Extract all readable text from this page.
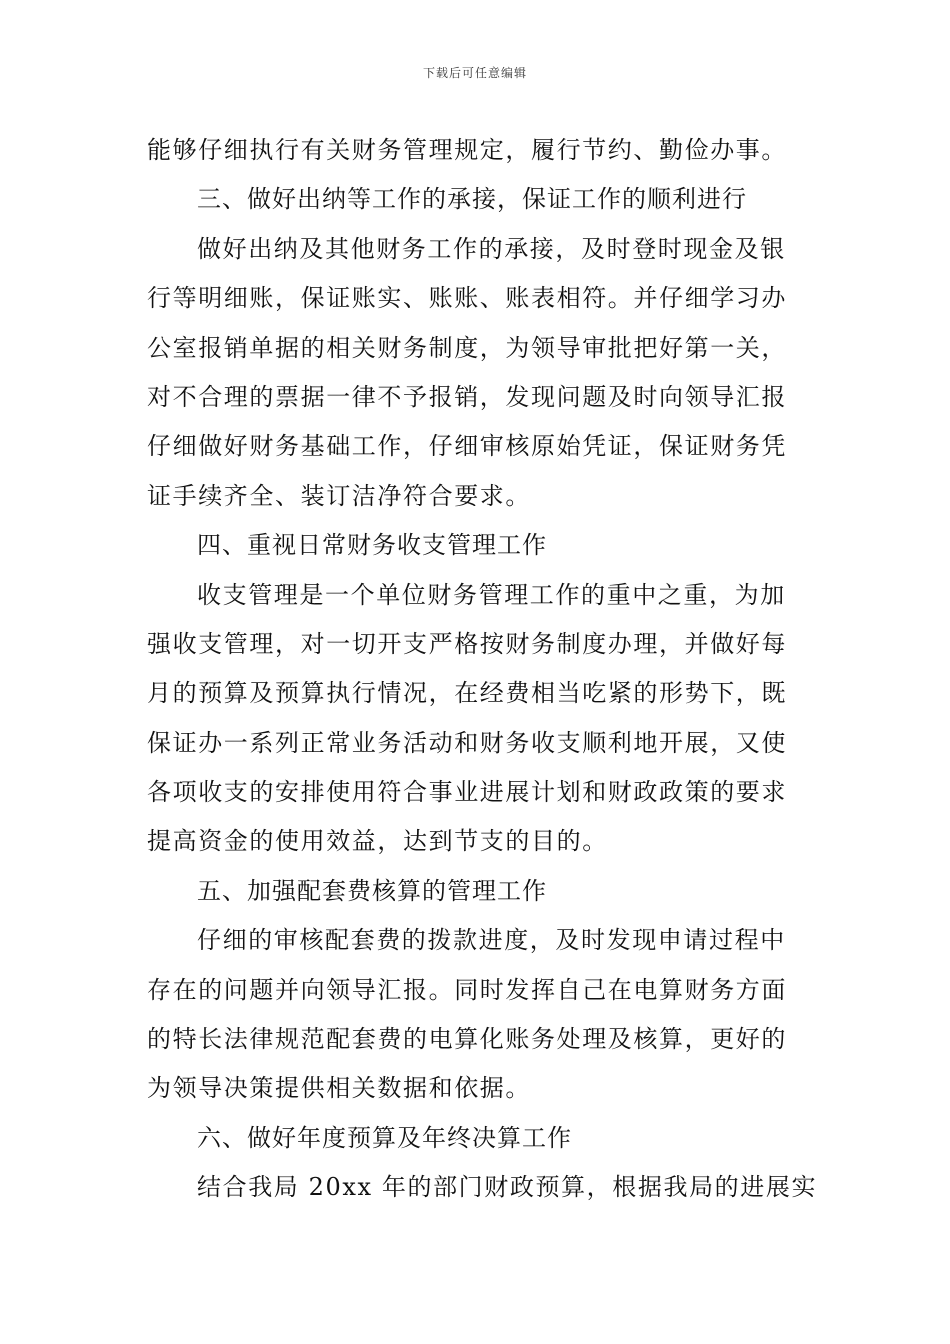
下载后可任意编辑
能够仔细执行有关财务管理规定，履行节约、勤俭办事。
三、做好出纳等工作的承接，保证工作的顺利进行
做好出纳及其他财务工作的承接，及时登时现金及银
行等明细账，保证账实、账账、账表相符。并仔细学习办
公室报销单据的相关财务制度，为领导审批把好第一关，
对不合理的票据一律不予报销，发现问题及时向领导汇报
仔细做好财务基础工作，仔细审核原始凭证，保证财务凭
证手续齐全、装订洁净符合要求。
四、重视日常财务收支管理工作
收支管理是一个单位财务管理工作的重中之重，为加
强收支管理，对一切开支严格按财务制度办理，并做好每
月的预算及预算执行情况，在经费相当吃紧的形势下，既
保证办一系列正常业务活动和财务收支顺利地开展，又使
各项收支的安排使用符合事业进展计划和财政政策的要求
提高资金的使用效益，达到节支的目的。
五、加强配套费核算的管理工作
仔细的审核配套费的拨款进度，及时发现申请过程中
存在的问题并向领导汇报。同时发挥自己在电算财务方面
的特长法律规范配套费的电算化账务处理及核算，更好的
为领导决策提供相关数据和依据。
六、做好年度预算及年终决算工作
结合我局 20xx 年的部门财政预算，根据我局的进展实
